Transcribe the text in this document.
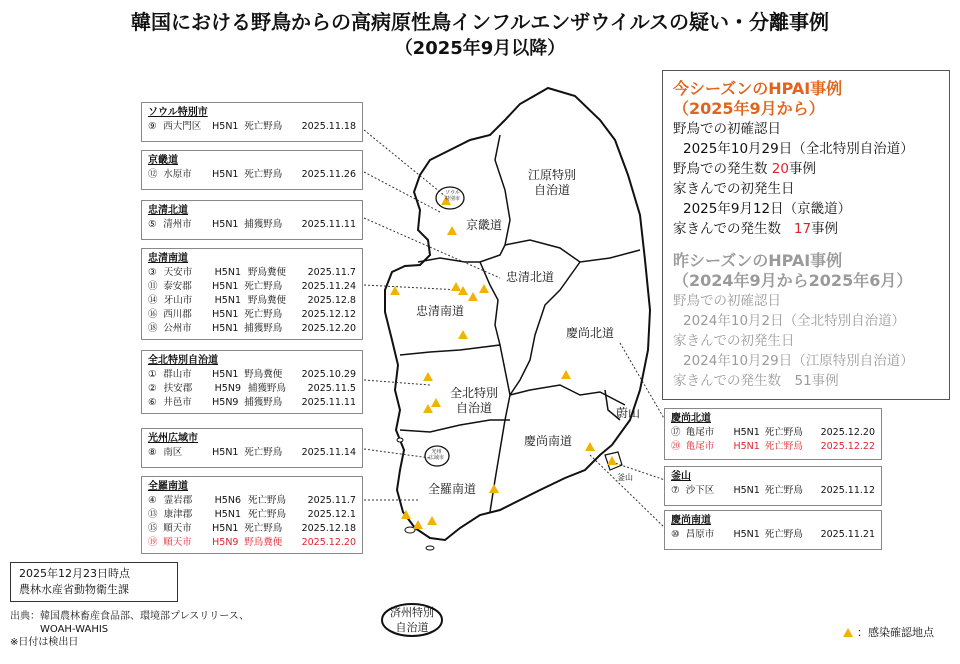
韓国における野鳥からの高病原性鳥インフルエンザウイルスの疑い・分離事例
（2025年9月以降）
江原特別
自治道
京畿道
忠清北道
忠清南道
慶尚北道
全北特別
自治道
慶尚南道
全羅南道
蔚山
釜山
済州特別
自治道
ソウル
特別市
光州
広域市
ソウル特別市
⑨ 西大門区	H5N1 死亡野鳥	2025.11.18
京畿道
⑫ 水原市	H5N1 死亡野鳥	2025.11.26
忠清北道
⑤ 清州市	H5N1 捕獲野鳥	2025.11.11
忠清南道
③ 天安市	H5N1 野鳥糞便	2025.11.7
⑪ 泰安郡	H5N1 死亡野鳥	2025.11.24
⑭ 牙山市	H5N1 野鳥糞便	2025.12.8
⑯ 西川郡	H5N1 死亡野鳥	2025.12.12
⑱ 公州市	H5N1 捕獲野鳥	2025.12.20
全北特別自治道
① 群山市	H5N1 野鳥糞便	2025.10.29
② 扶安郡	H5N9 捕獲野鳥	2025.11.5
⑥ 井邑市	H5N9 捕獲野鳥	2025.11.11
光州広域市
⑧ 南区	H5N1 死亡野鳥	2025.11.14
全羅南道
④ 霊岩郡	H5N6 死亡野鳥	2025.11.7
⑬ 康津郡	H5N1 死亡野鳥	2025.12.1
⑮ 順天市	H5N1 死亡野鳥	2025.12.18
⑲ 順天市	H5N9 野鳥糞便	2025.12.20
慶尚北道
⑰ 亀尾市	H5N1 死亡野鳥	2025.12.20
⑳ 亀尾市	H5N1 死亡野鳥	2025.12.22
釜山
⑦ 沙下区	H5N1 死亡野鳥	2025.11.12
慶尚南道
⑩ 昌原市	H5N1 死亡野鳥	2025.11.21
今シーズンのHPAI事例
（2025年9月から）
野鳥での初確認日
2025年10月29日（全北特別自治道）
野鳥での発生数 20事例
家きんでの初発生日
2025年9月12日（京畿道）
家きんでの発生数 17事例
昨シーズンのHPAI事例
（2024年9月から2025年6月）
野鳥での初確認日
2024年10月2日（全北特別自治道）
家きんでの初発生日
2024年10月29日（江原特別自治道）
家きんでの発生数　51事例
2025年12月23日時点
農林水産省動物衛生課
出典：韓国農林畜産食品部、環境部プレスリリース、
WOAH-WAHIS
※日付は検出日
：感染確認地点
